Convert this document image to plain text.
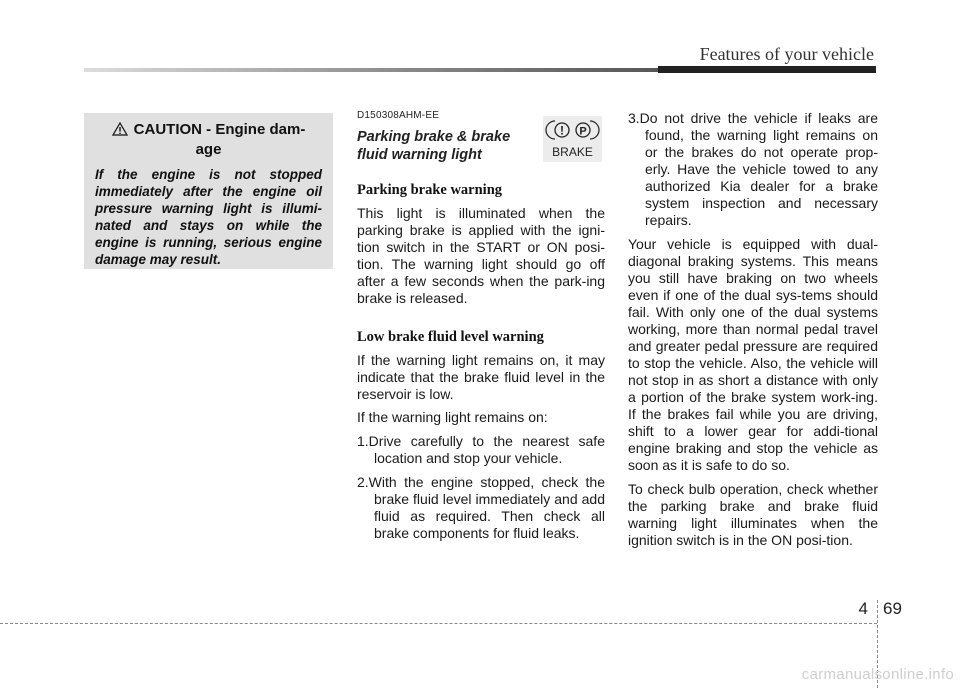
Features of your vehicle
CAUTION - Engine dam-age
If the engine is not stopped immediately after the engine oil pressure warning light is illumi-nated and stays on while the engine is running, serious engine damage may result.
D150308AHM-EE
Parking brake & brake fluid warning light
! P
BRAKE
Parking brake warning

This light is illuminated when the parking brake is applied with the igni-tion switch in the START or ON posi-tion. The warning light should go off after a few seconds when the park-ing brake is released.

Low brake fluid level warning

If the warning light remains on, it may indicate that the brake fluid level in the reservoir is low.

If the warning light remains on:

1.Drive carefully to the nearest safe location and stop your vehicle.
2.With the engine stopped, check the brake fluid level immediately and add fluid as required. Then check all brake components for fluid leaks.
3.Do not drive the vehicle if leaks are found, the warning light remains on or the brakes do not operate prop-erly. Have the vehicle towed to any authorized Kia dealer for a brake system inspection and necessary repairs.

Your vehicle is equipped with dual-diagonal braking systems. This means you still have braking on two wheels even if one of the dual sys-tems should fail. With only one of the dual systems working, more than normal pedal travel and greater pedal pressure are required to stop the vehicle. Also, the vehicle will not stop in as short a distance with only a portion of the brake system work-ing. If the brakes fail while you are driving, shift to a lower gear for addi-tional engine braking and stop the vehicle as soon as it is safe to do so.

To check bulb operation, check whether the parking brake and brake fluid warning light illuminates when the ignition switch is in the ON posi-tion.

4 69
carmanualsonline.info
